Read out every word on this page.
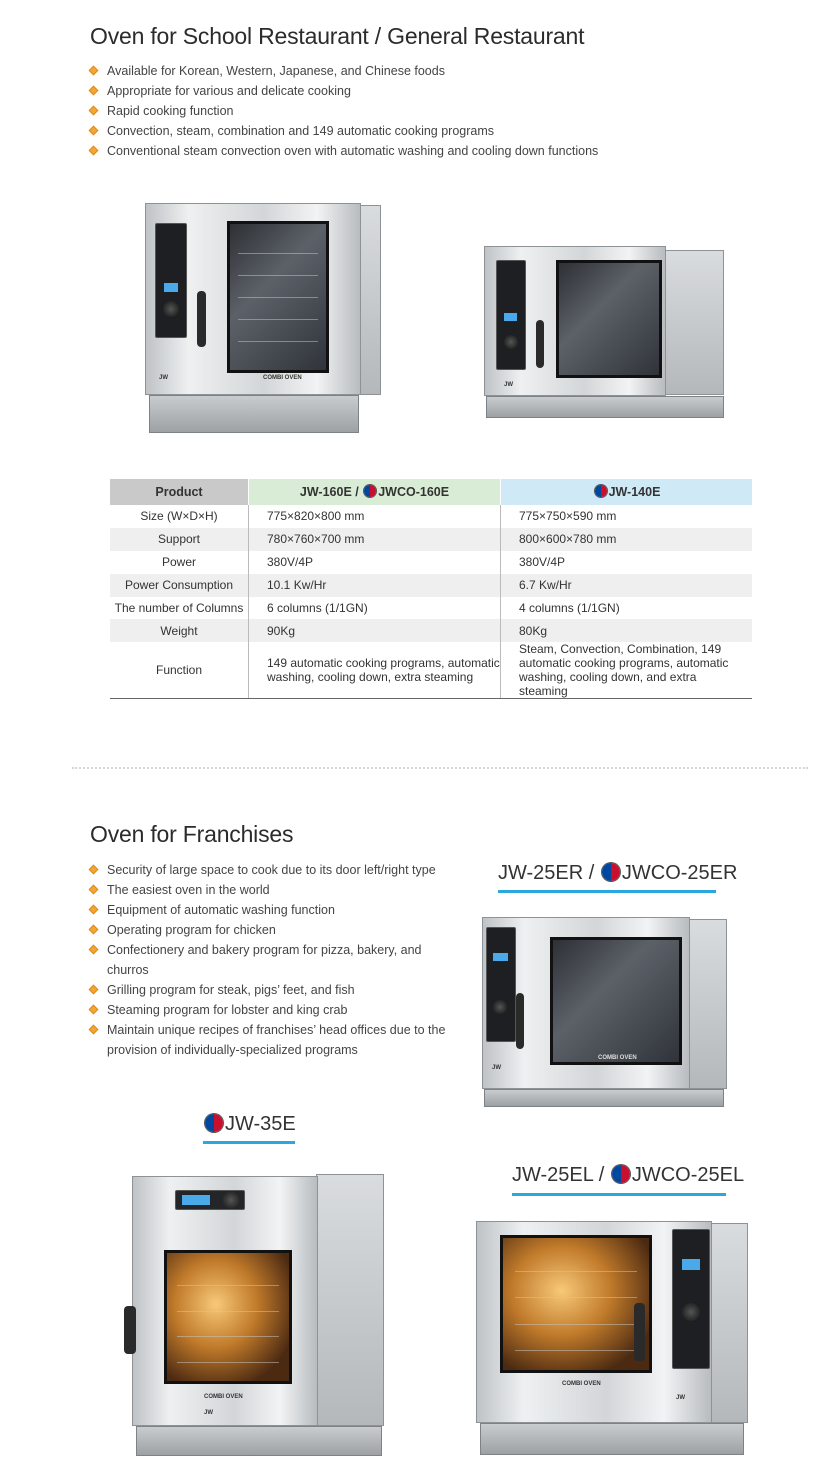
Oven for School Restaurant / General Restaurant
Available for Korean, Western, Japanese, and Chinese foods
Appropriate for various and delicate cooking
Rapid cooking function
Convection, steam, combination and 149 automatic cooking programs
Conventional steam convection oven with automatic washing and cooling down functions
JW	COMBI OVEN
JW
Product	JW-160E / JWCO-160E	JW-140E
Size (W×D×H)	775×820×800 mm	775×750×590 mm
Support	780×760×700 mm	800×600×780 mm
Power	380V/4P	380V/4P
Power Consumption	10.1 Kw/Hr	6.7 Kw/Hr
The number of Columns	6 columns (1/1GN)	4 columns (1/1GN)
Weight	90Kg	80Kg
Function	149 automatic cooking programs, automatic washing, cooling down, extra steaming	Steam, Convection, Combination, 149 automatic cooking programs, automatic washing, cooling down, and extra steaming
Oven for Franchises
Security of large space to cook due to its door left/right type
The easiest oven in the world
Equipment of automatic washing function
Operating program for chicken
Confectionery and bakery program for pizza, bakery, and churros
Grilling program for steak, pigs’ feet, and fish
Steaming program for lobster and king crab
Maintain unique recipes of franchises’ head offices due to the provision of individually-specialized programs
JW-25ER / JWCO-25ER
COMBI OVEN
JW
JW-35E
COMBI OVEN
JW
JW-25EL / JWCO-25EL
COMBI OVEN
JW
